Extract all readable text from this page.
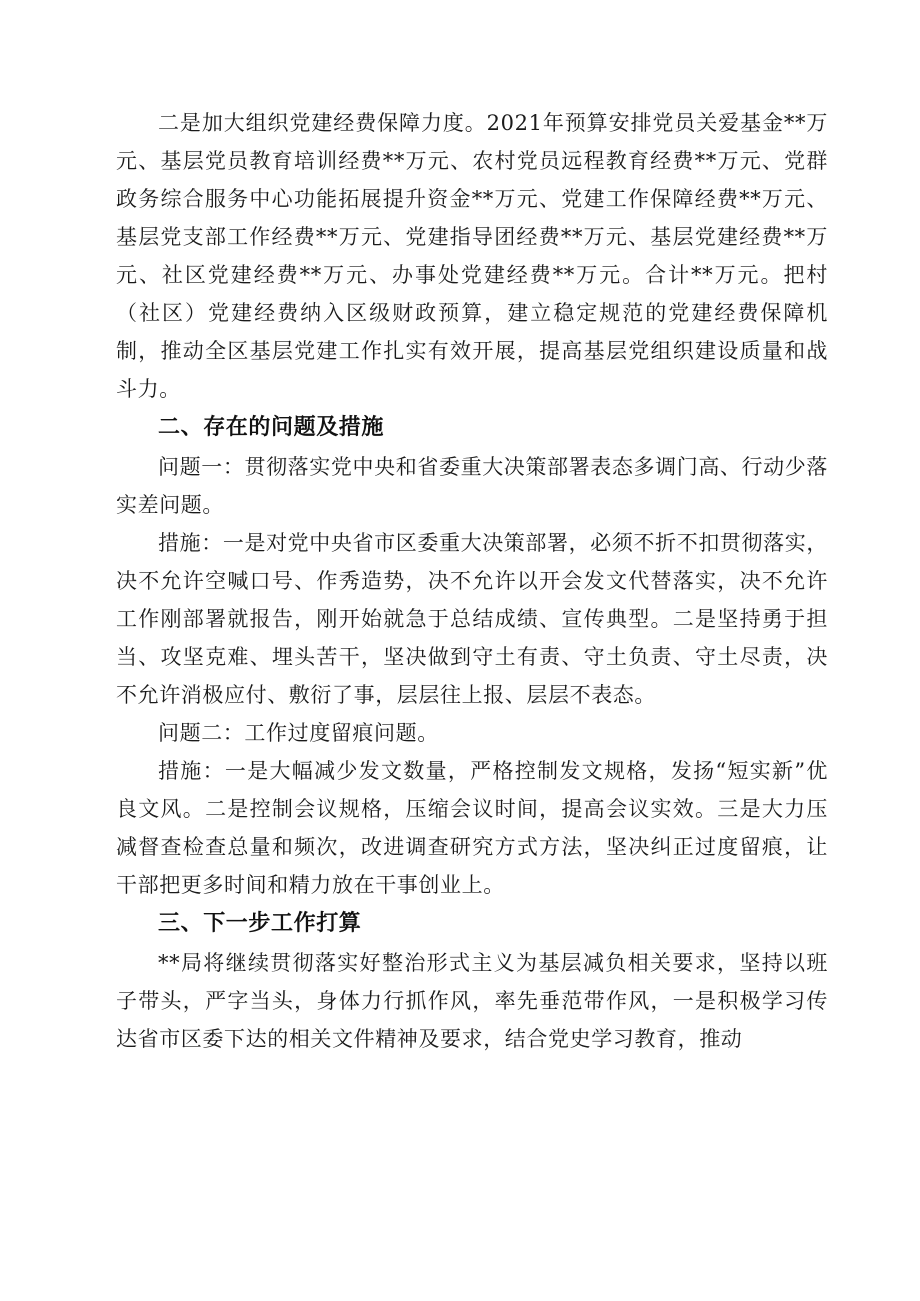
二是加大组织党建经费保障力度。2021年预算安排党员关爱基金**万元、基层党员教育培训经费**万元、农村党员远程教育经费**万元、党群政务综合服务中心功能拓展提升资金**万元、党建工作保障经费**万元、基层党支部工作经费**万元、党建指导团经费**万元、基层党建经费**万元、社区党建经费**万元、办事处党建经费**万元。合计**万元。把村（社区）党建经费纳入区级财政预算，建立稳定规范的党建经费保障机制，推动全区基层党建工作扎实有效开展，提高基层党组织建设质量和战斗力。

二、存在的问题及措施

问题一：贯彻落实党中央和省委重大决策部署表态多调门高、行动少落实差问题。

措施：一是对党中央省市区委重大决策部署，必须不折不扣贯彻落实，决不允许空喊口号、作秀造势，决不允许以开会发文代替落实，决不允许工作刚部署就报告，刚开始就急于总结成绩、宣传典型。二是坚持勇于担当、攻坚克难、埋头苦干，坚决做到守土有责、守土负责、守土尽责，决不允许消极应付、敷衍了事，层层往上报、层层不表态。

问题二：工作过度留痕问题。

措施：一是大幅减少发文数量，严格控制发文规格，发扬“短实新”优良文风。二是控制会议规格，压缩会议时间，提高会议实效。三是大力压减督查检查总量和频次，改进调查研究方式方法，坚决纠正过度留痕，让干部把更多时间和精力放在干事创业上。

三、下一步工作打算

**局将继续贯彻落实好整治形式主义为基层减负相关要求，坚持以班子带头，严字当头，身体力行抓作风，率先垂范带作风，一是积极学习传达省市区委下达的相关文件精神及要求，结合党史学习教育，推动
